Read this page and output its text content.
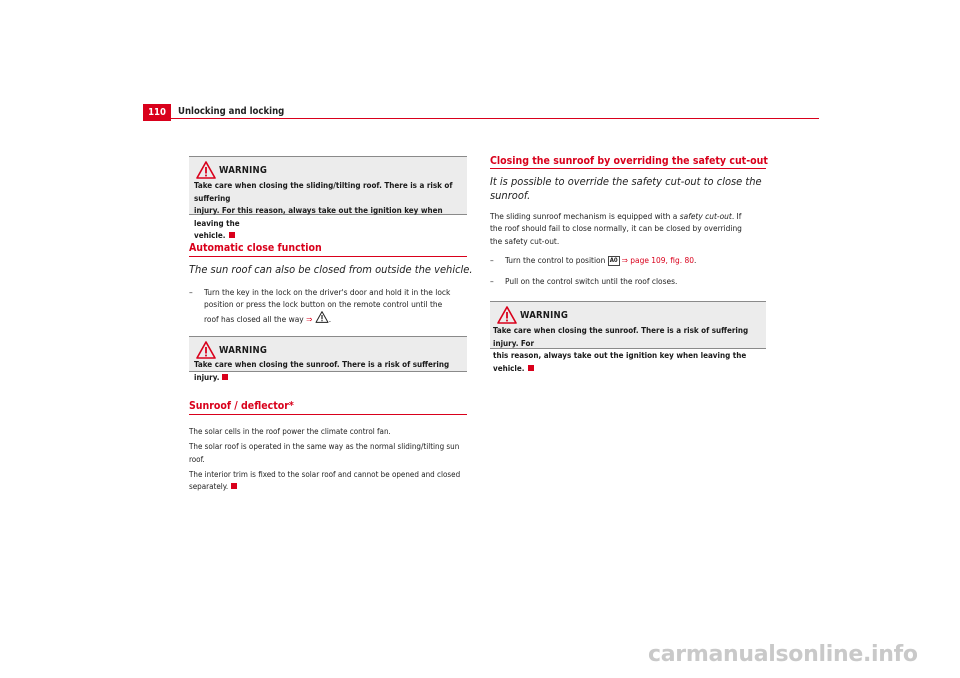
110	Unlocking and locking
WARNING
Take care when closing the sliding/tilting roof. There is a risk of suffering
injury. For this reason, always take out the ignition key when leaving the
vehicle.
Automatic close function
The sun roof can also be closed from outside the vehicle.
– Turn the key in the lock on the driver's door and hold it in the lock
position or press the lock button on the remote control until the
roof has closed all the way ⇒ .
WARNING
Take care when closing the sunroof. There is a risk of suffering injury.
Sunroof / deflector*
The solar cells in the roof power the climate control fan.
The solar roof is operated in the same way as the normal sliding/tilting sun
roof.
The interior trim is fixed to the solar roof and cannot be opened and closed
separately.
Closing the sunroof by overriding the safety cut-out
It is possible to override the safety cut-out to close the
sunroof.
The sliding sunroof mechanism is equipped with a safety cut-out. If
the roof should fail to close normally, it can be closed by overriding
the safety cut-out.
–	Turn the control to position A0 ⇒ page 109, fig. 80.
–	Pull on the control switch until the roof closes.
WARNING
Take care when closing the sunroof. There is a risk of suffering injury. For
this reason, always take out the ignition key when leaving the vehicle.
carmanualsonline.info
